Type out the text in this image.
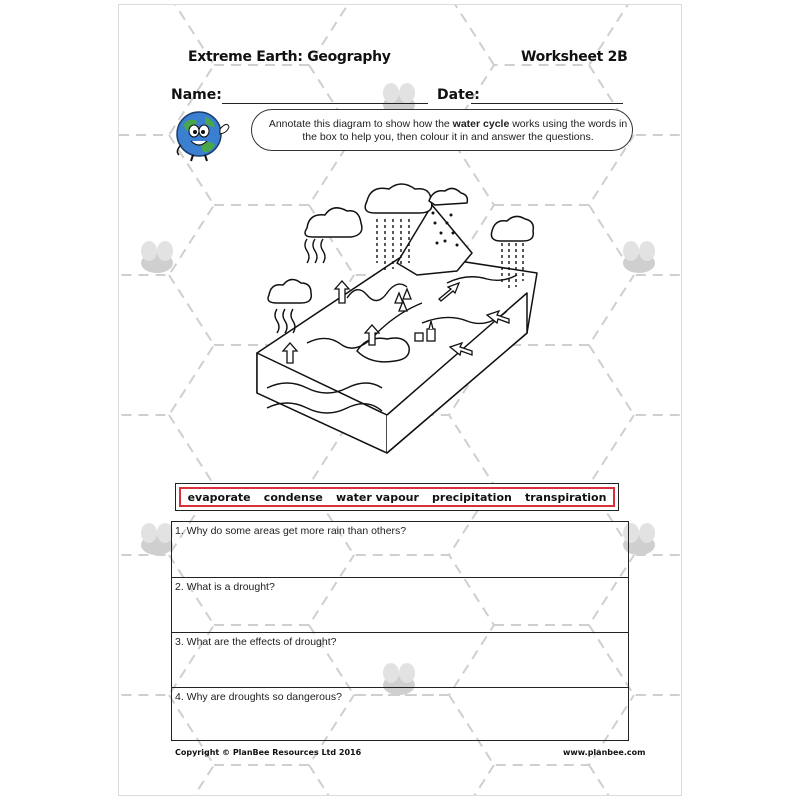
Extreme Earth: Geography	Worksheet 2B
Name:	Date:
Annotate this diagram to show how the water cycle works using the words in the box to help you, then colour it in and answer the questions.
evaporate condense water vapour precipitation transpiration
1. Why do some areas get more rain than others?
2. What is a drought?
3. What are the effects of drought?
4. Why are droughts so dangerous?
Copyright © PlanBee Resources Ltd 2016	www.planbee.com
